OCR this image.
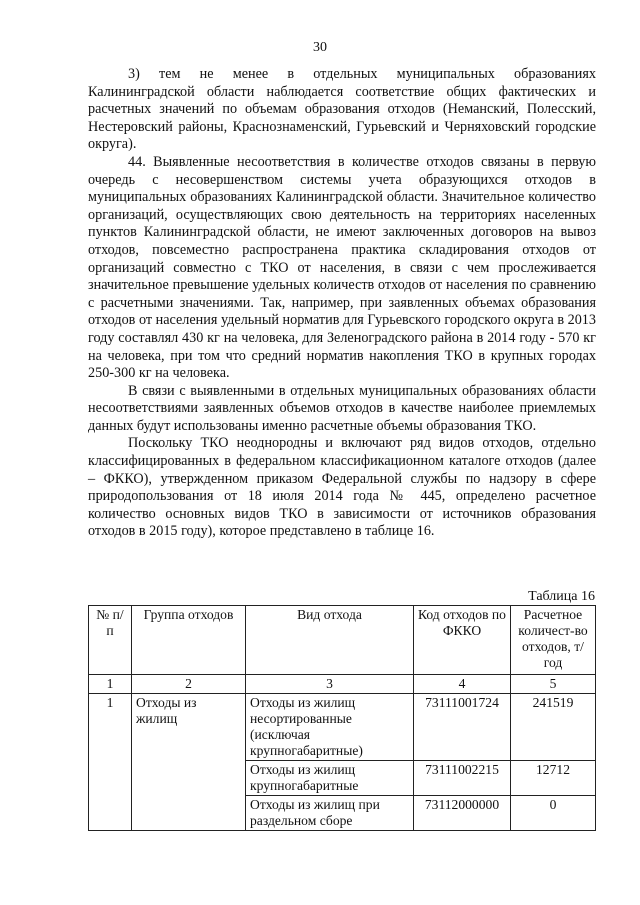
30

3) тем не менее в отдельных муниципальных образованиях Калининградской области наблюдается соответствие общих фактических и расчетных значений по объемам образования отходов (Неманский, Полесский, Нестеровский районы, Краснознаменский, Гурьевский и Черняховский городские округа).

44. Выявленные несоответствия в количестве отходов связаны в первую очередь с несовершенством системы учета образующихся отходов в муниципальных образованиях Калининградской области. Значительное количество организаций, осуществляющих свою деятельность на территориях населенных пунктов Калининградской области, не имеют заключенных договоров на вывоз отходов, повсеместно распространена практика складирования отходов от организаций совместно с ТКО от населения, в связи с чем прослеживается значительное превышение удельных количеств отходов от населения по сравнению с расчетными значениями. Так, например, при заявленных объемах образования отходов от населения удельный норматив для Гурьевского городского округа в 2013 году составлял 430 кг на человека, для Зеленоградского района в 2014 году - 570 кг на человека, при том что средний норматив накопления ТКО в крупных городах 250-300 кг на человека.

В связи с выявленными в отдельных муниципальных образованиях области несоответствиями заявленных объемов отходов в качестве наиболее приемлемых данных будут использованы именно расчетные объемы образования ТКО.

Поскольку ТКО неоднородны и включают ряд видов отходов, отдельно классифицированных в федеральном классификационном каталоге отходов (далее – ФККО), утвержденном приказом Федеральной службы по надзору в сфере природопользования от 18 июля 2014 года № 445, определено расчетное количество основных видов ТКО в зависимости от источников образования отходов в 2015 году), которое представлено в таблице 16.

Таблица 16
№ п/п	Группа отходов	Вид отхода	Код отходов по ФККО	Расчетное количест-во отходов, т/год
1	2	3	4	5
1	Отходы из жилищ	Отходы из жилищ несортированные (исключая крупногабаритные)	73111001724	241519
		Отходы из жилищ крупногабаритные	73111002215	12712
		Отходы из жилищ при раздельном сборе	73112000000	0
